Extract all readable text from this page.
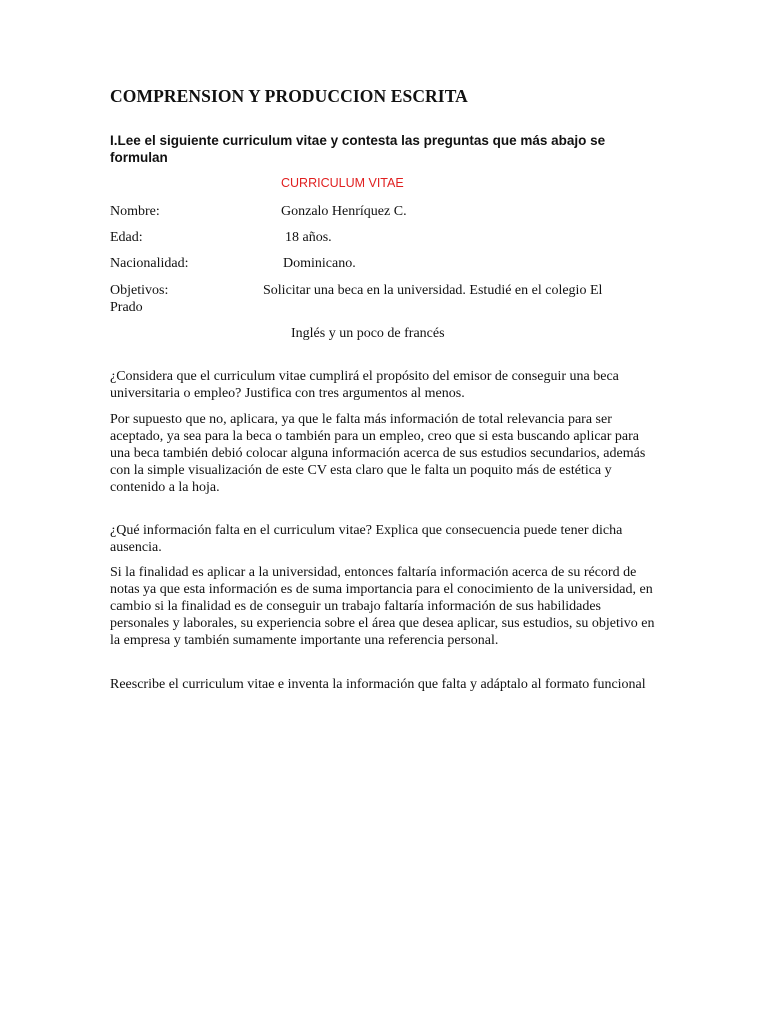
COMPRENSION Y PRODUCCION ESCRITA
I.Lee el siguiente curriculum vitae y contesta las preguntas que más abajo se formulan
CURRICULUM VITAE
Nombre:	Gonzalo Henríquez C.
Edad:	18 años.
Nacionalidad:	Dominicano.
Objetivos:	Solicitar una beca en la universidad. Estudié en el colegio El
Prado
Inglés y un poco de francés

¿Considera que el curriculum vitae cumplirá el propósito del emisor de conseguir una beca universitaria o empleo? Justifica con tres argumentos al menos.

Por supuesto que no, aplicara, ya que le falta más información de total relevancia para ser aceptado, ya sea para la beca o también para un empleo, creo que si esta buscando aplicar para una beca también debió colocar alguna información acerca de sus estudios secundarios, además con la simple visualización de este CV esta claro que le falta un poquito más de estética y contenido a la hoja.

¿Qué información falta en el curriculum vitae? Explica que consecuencia puede tener dicha ausencia.

Si la finalidad es aplicar a la universidad, entonces faltaría información acerca de su récord de notas ya que esta información es de suma importancia para el conocimiento de la universidad, en cambio si la finalidad es de conseguir un trabajo faltaría información de sus habilidades personales y laborales, su experiencia sobre el área que desea aplicar, sus estudios, su objetivo en la empresa y también sumamente importante una referencia personal.

Reescribe el curriculum vitae e inventa la información que falta y adáptalo al formato funcional
